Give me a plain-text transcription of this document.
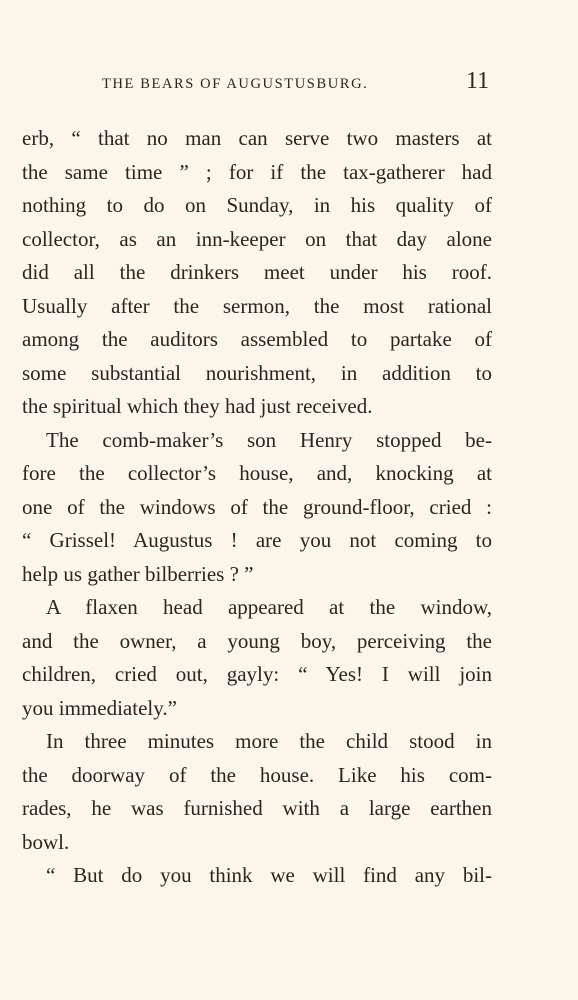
THE BEARS OF AUGUSTUSBURG.	11
erb, “ that no man can serve two masters at
the same time ” ; for if the tax-gatherer had
nothing to do on Sunday, in his quality of
collector, as an inn-keeper on that day alone
did all the drinkers meet under his roof.
Usually after the sermon, the most rational
among the auditors assembled to partake of
some substantial nourishment, in addition to
the spiritual which they had just received.
The comb-maker’s son Henry stopped be-
fore the collector’s house, and, knocking at
one of the windows of the ground-floor, cried :
“ Grissel! Augustus ! are you not coming to
help us gather bilberries ? ”
A flaxen head appeared at the window,
and the owner, a young boy, perceiving the
children, cried out, gayly: “ Yes! I will join
you immediately.”
In three minutes more the child stood in
the doorway of the house. Like his com-
rades, he was furnished with a large earthen
bowl.
“ But do you think we will find any bil-
